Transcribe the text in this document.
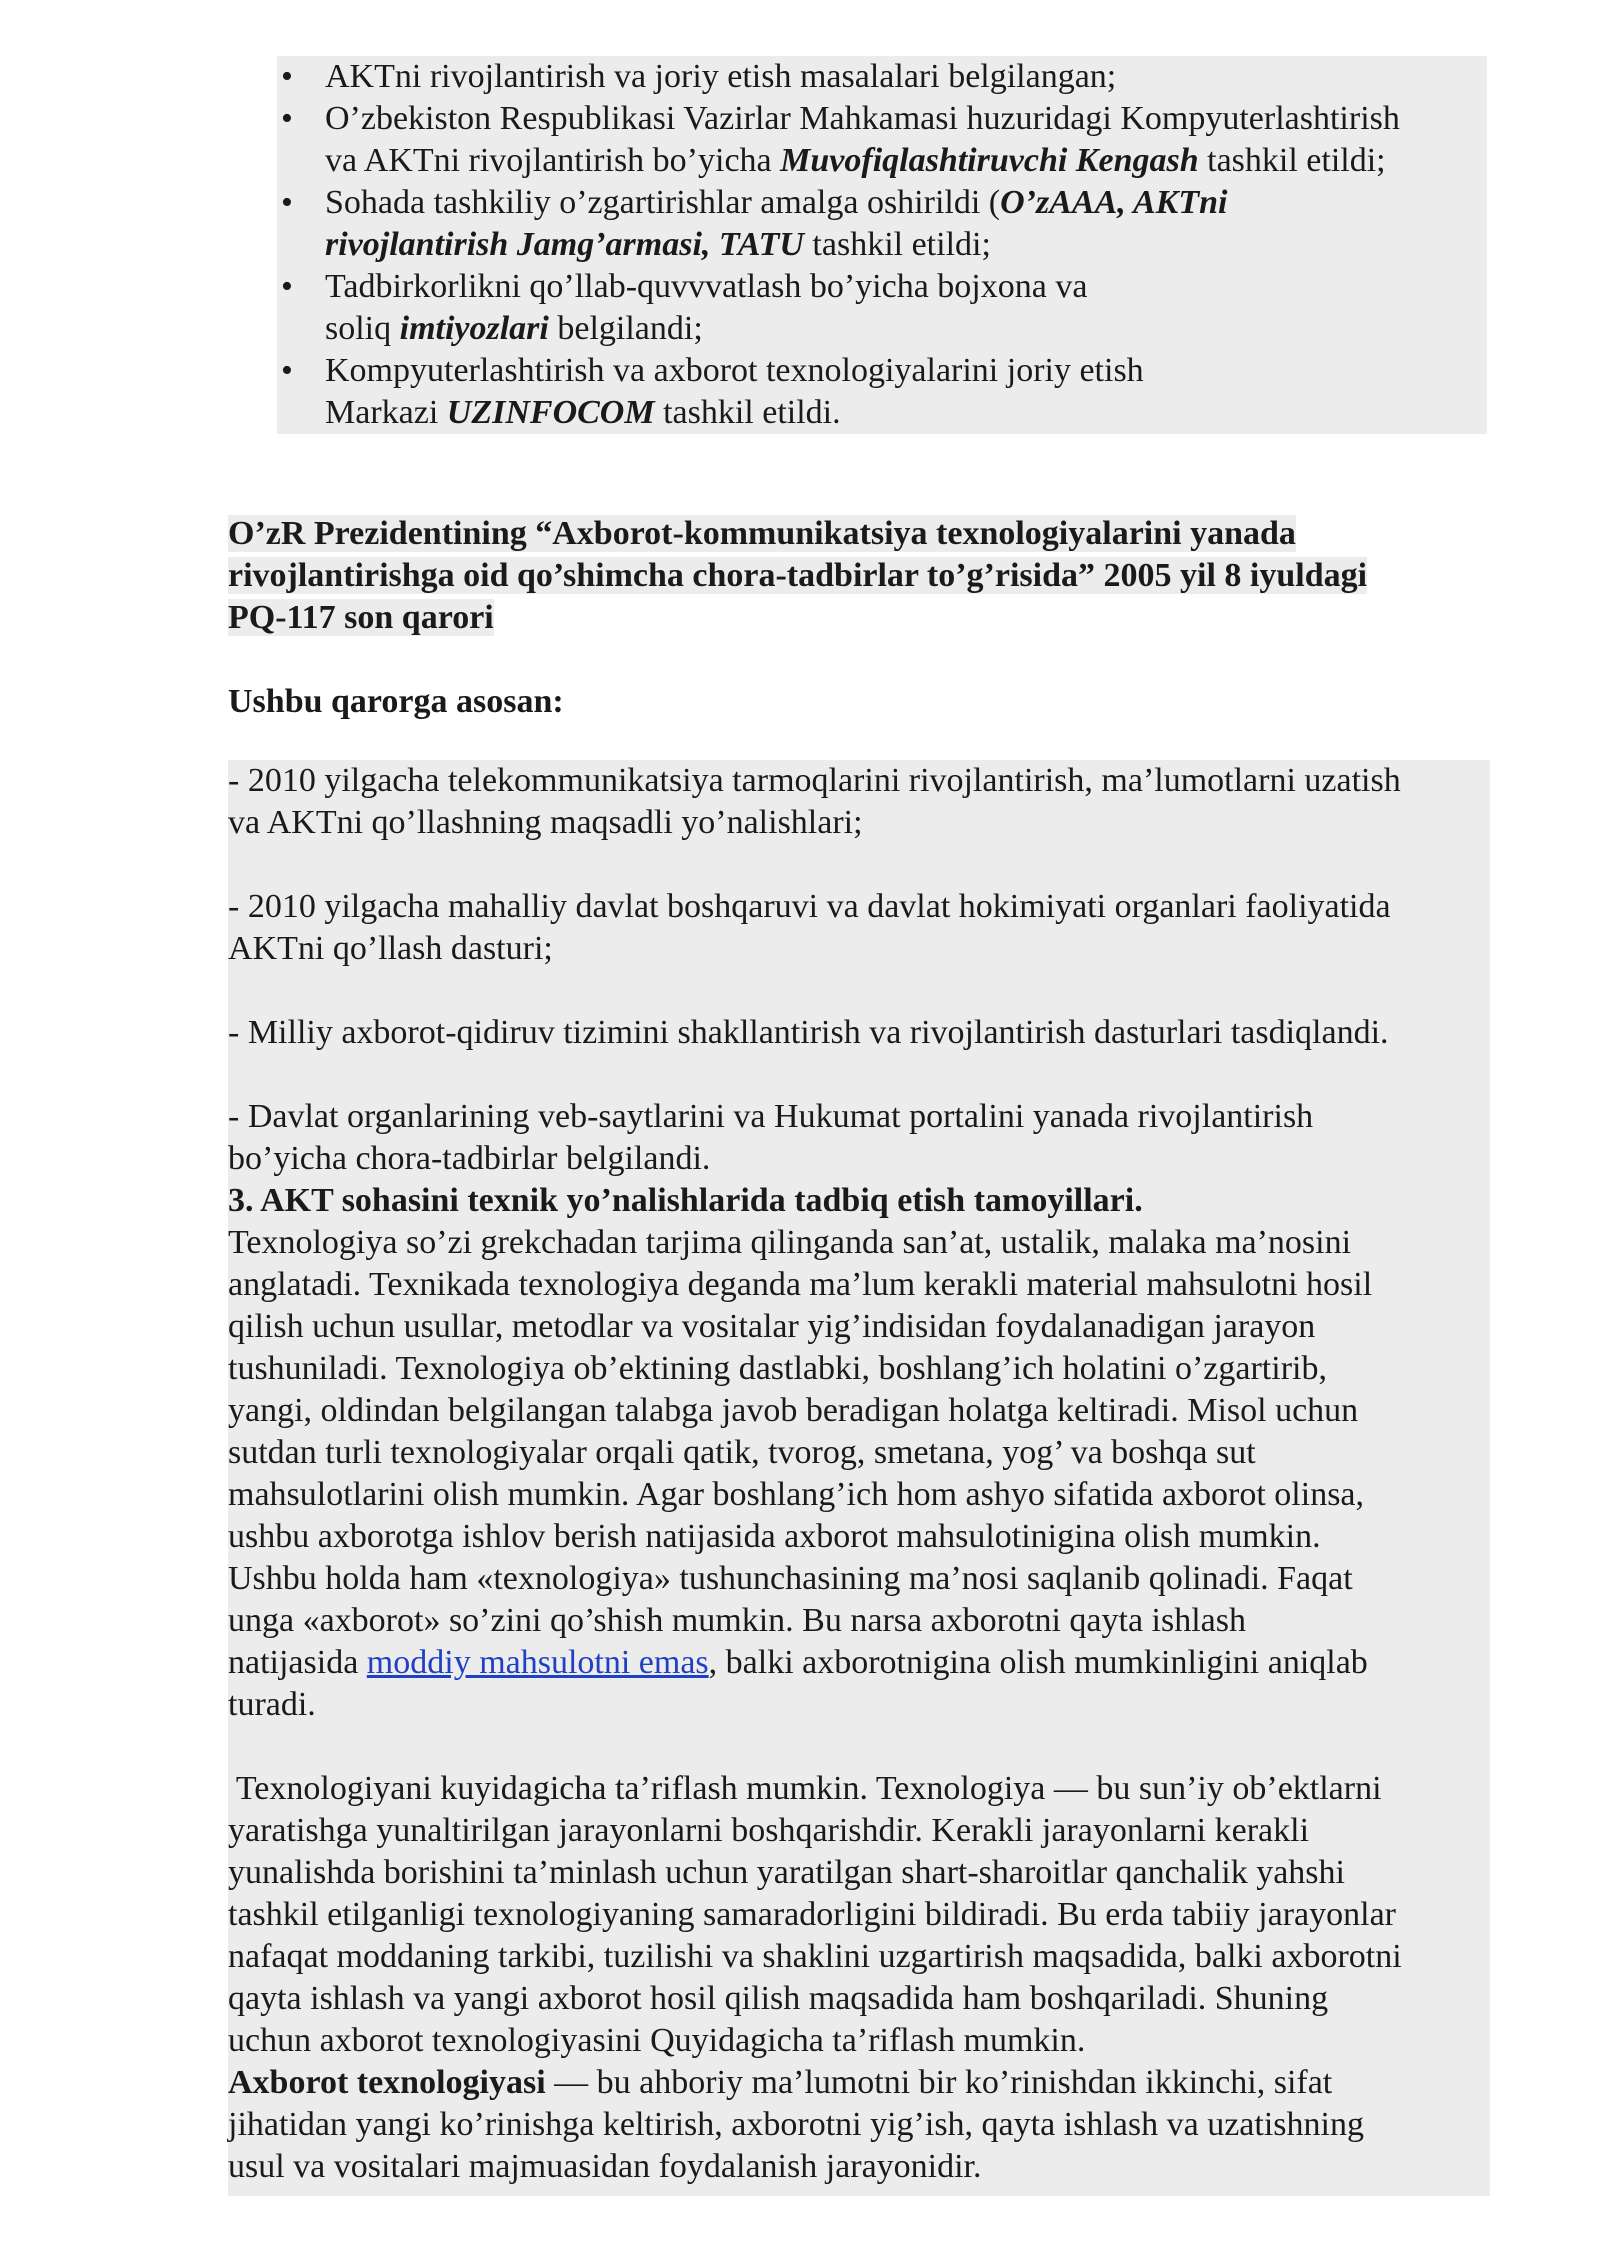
• AKTni rivojlantirish va joriy etish masalalari belgilangan;
• O’zbekiston Respublikasi Vazirlar Mahkamasi huzuridagi Kompyuterlashtirish
va AKTni rivojlantirish bo’yicha Muvofiqlashtiruvchi Kengash tashkil etildi;
• Sohada tashkiliy o’zgartirishlar amalga oshirildi (O’zAAA, AKTni
rivojlantirish Jamg’armasi, TATU tashkil etildi;
• Tadbirkorlikni qo’llab-quvvvatlash bo’yicha bojxona va
soliq imtiyozlari belgilandi;
• Kompyuterlashtirish va axborot texnologiyalarini joriy etish
Markazi UZINFOCOM tashkil etildi.
O’zR Prezidentining “Axborot-kommunikatsiya texnologiyalarini yanada
rivojlantirishga oid qo’shimcha chora-tadbirlar to’g’risida” 2005 yil 8 iyuldagi
PQ-117 son qarori
Ushbu qarorga asosan:
- 2010 yilgacha telekommunikatsiya tarmoqlarini rivojlantirish, ma’lumotlarni uzatish
va AKTni qo’llashning maqsadli yo’nalishlari;
- 2010 yilgacha mahalliy davlat boshqaruvi va davlat hokimiyati organlari faoliyatida
AKTni qo’llash dasturi;
- Milliy axborot-qidiruv tizimini shakllantirish va rivojlantirish dasturlari tasdiqlandi.
- Davlat organlarining veb-saytlarini va Hukumat portalini yanada rivojlantirish
bo’yicha chora-tadbirlar belgilandi.
3. AKT sohasini texnik yo’nalishlarida tadbiq etish tamoyillari.
Texnologiya so’zi grekchadan tarjima qilinganda san’at, ustalik, malaka ma’nosini
anglatadi. Texnikada texnologiya deganda ma’lum kerakli material mahsulotni hosil
qilish uchun usullar, metodlar va vositalar yig’indisidan foydalanadigan jarayon
tushuniladi. Texnologiya ob’ektining dastlabki, boshlang’ich holatini o’zgartirib,
yangi, oldindan belgilangan talabga javob beradigan holatga keltiradi. Misol uchun
sutdan turli texnologiyalar orqali qatik, tvorog, smetana, yog’ va boshqa sut
mahsulotlarini olish mumkin. Agar boshlang’ich hom ashyo sifatida axborot olinsa,
ushbu axborotga ishlov berish natijasida axborot mahsulotinigina olish mumkin.
Ushbu holda ham «texnologiya» tushunchasining ma’nosi saqlanib qolinadi. Faqat
unga «axborot» so’zini qo’shish mumkin. Bu narsa axborotni qayta ishlash
natijasida moddiy mahsulotni emas, balki axborotnigina olish mumkinligini aniqlab
turadi.
Texnologiyani kuyidagicha ta’riflash mumkin. Texnologiya — bu sun’iy ob’ektlarni
yaratishga yunaltirilgan jarayonlarni boshqarishdir. Kerakli jarayonlarni kerakli
yunalishda borishini ta’minlash uchun yaratilgan shart-sharoitlar qanchalik yahshi
tashkil etilganligi texnologiyaning samaradorligini bildiradi. Bu erda tabiiy jarayonlar
nafaqat moddaning tarkibi, tuzilishi va shaklini uzgartirish maqsadida, balki axborotni
qayta ishlash va yangi axborot hosil qilish maqsadida ham boshqariladi. Shuning
uchun axborot texnologiyasini Quyidagicha ta’riflash mumkin.
Axborot texnologiyasi — bu ahboriy ma’lumotni bir ko’rinishdan ikkinchi, sifat
jihatidan yangi ko’rinishga keltirish, axborotni yig’ish, qayta ishlash va uzatishning
usul va vositalari majmuasidan foydalanish jarayonidir.
